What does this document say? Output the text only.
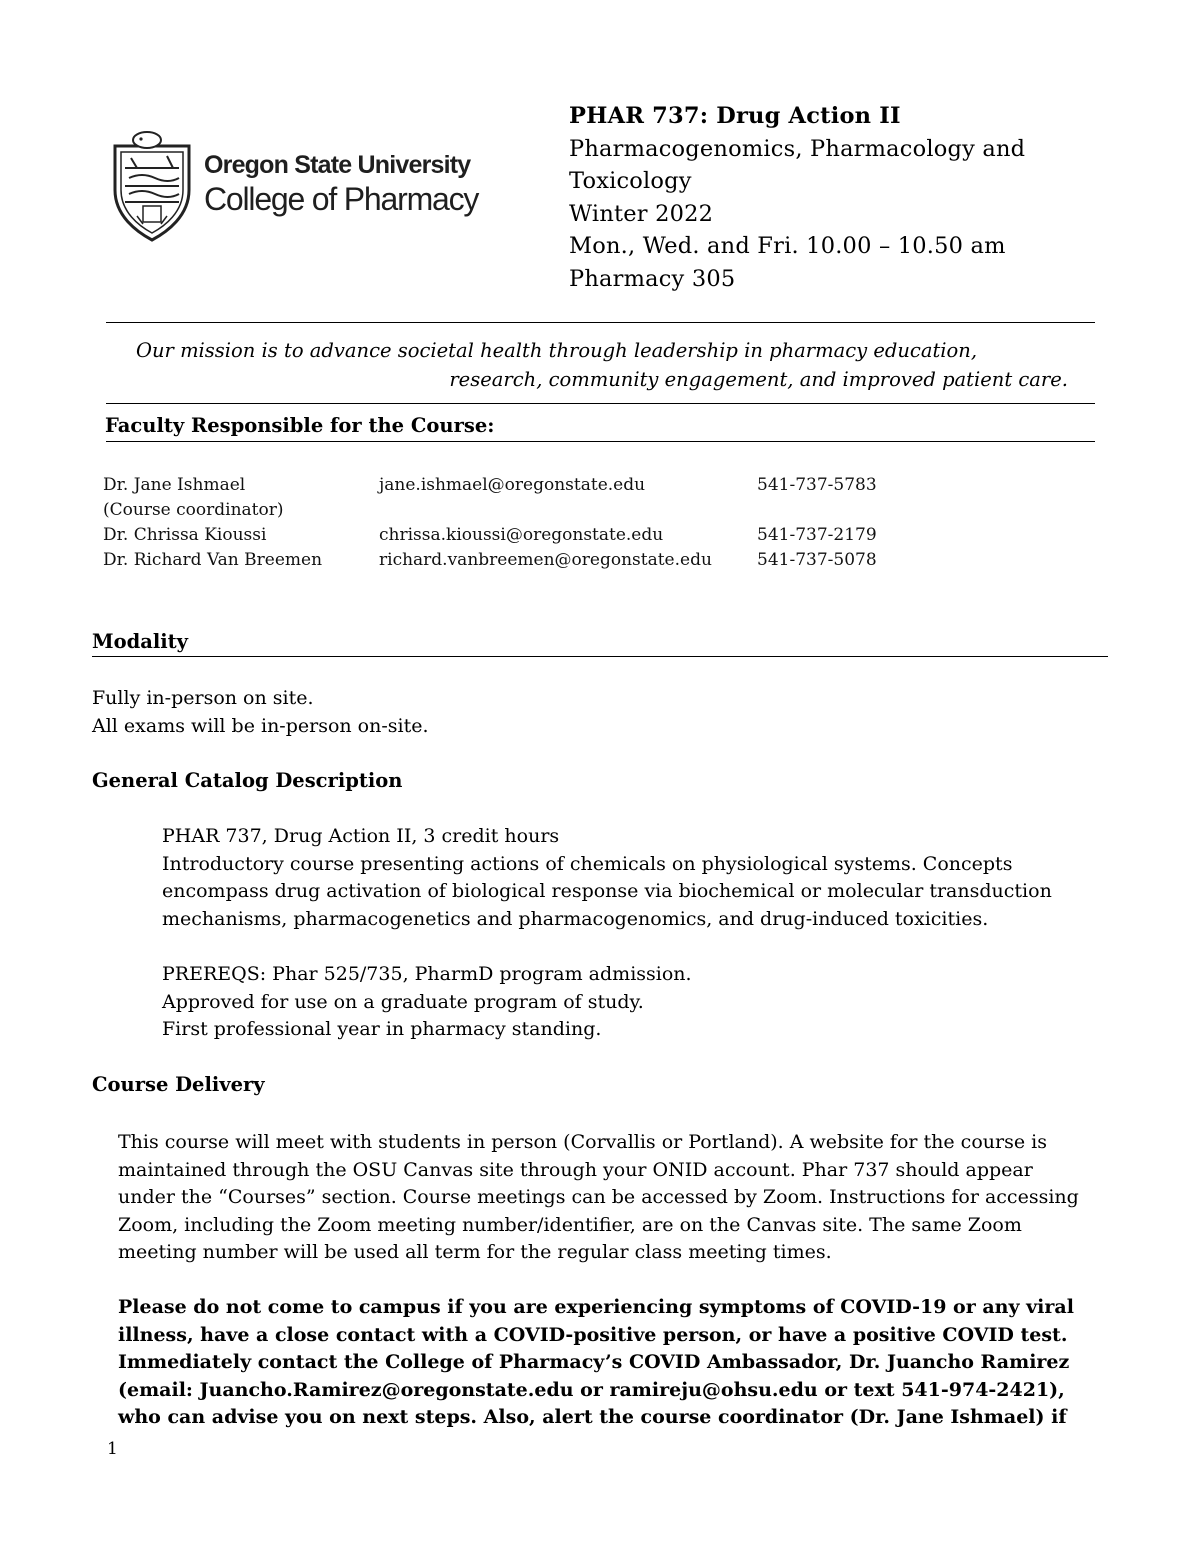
Oregon State University
College of Pharmacy
PHAR 737: Drug Action II
Pharmacogenomics, Pharmacology and
Toxicology
Winter 2022
Mon., Wed. and Fri. 10.00 – 10.50 am
Pharmacy 305
Our mission is to advance societal health through leadership in pharmacy education,
research, community engagement, and improved patient care.
Faculty Responsible for the Course:
Dr. Jane Ishmael	jane.ishmael@oregonstate.edu	541-737-5783
(Course coordinator)
Dr. Chrissa Kioussi	chrissa.kioussi@oregonstate.edu	541-737-2179
Dr. Richard Van Breemen	richard.vanbreemen@oregonstate.edu	541-737-5078
Modality
Fully in-person on site.
All exams will be in-person on-site.
General Catalog Description
PHAR 737, Drug Action II, 3 credit hours
Introductory course presenting actions of chemicals on physiological systems. Concepts
encompass drug activation of biological response via biochemical or molecular transduction
mechanisms, pharmacogenetics and pharmacogenomics, and drug-induced toxicities.
PREREQS: Phar 525/735, PharmD program admission.
Approved for use on a graduate program of study.
First professional year in pharmacy standing.
Course Delivery
This course will meet with students in person (Corvallis or Portland). A website for the course is
maintained through the OSU Canvas site through your ONID account. Phar 737 should appear
under the “Courses” section. Course meetings can be accessed by Zoom. Instructions for accessing
Zoom, including the Zoom meeting number/identifier, are on the Canvas site. The same Zoom
meeting number will be used all term for the regular class meeting times.
Please do not come to campus if you are experiencing symptoms of COVID-19 or any viral
illness, have a close contact with a COVID-positive person, or have a positive COVID test.
Immediately contact the College of Pharmacy’s COVID Ambassador, Dr. Juancho Ramirez
(email: Juancho.Ramirez@oregonstate.edu or ramireju@ohsu.edu or text 541-974-2421),
who can advise you on next steps. Also, alert the course coordinator (Dr. Jane Ishmael) if
1
